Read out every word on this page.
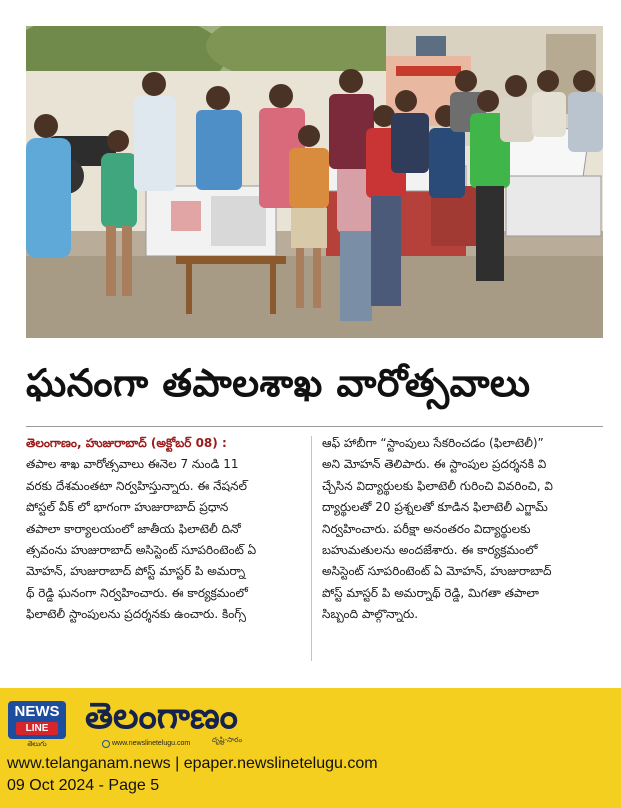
ఘనంగా తపాలశాఖ వారోత్సవాలు
తెలంగాణం, హుజురాబాద్ (అక్టోబర్ 08) :
తపాల శాఖ వారోత్సవాలు ఈనెల 7 నుండి 11
వరకు దేశమంతటా నిర్వహిస్తున్నారు. ఈ నేషనల్
పోస్టల్ వీక్ లో భాగంగా హుజురాబాద్ ప్రధాన
తపాలా కార్యాలయంలో జాతీయ ఫిలాటెలీ దినో
త్సవంను హుజురాబాద్ అసిస్టెంట్ సూపరింటెంట్ ఏ
మోహన్, హుజురాబాద్ పోస్ట్ మాస్టర్ పి అమర్నా
థ్ రెడ్డి ఘనంగా నిర్వహించారు. ఈ కార్యక్రమంలో
ఫిలాటెలీ స్టాంపులను ప్రదర్శనకు ఉంచారు. కింగ్స్
ఆఫ్ హాబీగా “స్టాంపులు సేకరించడం (ఫిలాటెలీ)”
అని మోహన్ తెలిపారు. ఈ స్టాంపుల ప్రదర్శనకి వి
చ్చేసిన విద్యార్థులకు ఫిలాటెలీ గురించి వివరించి, వి
ద్యార్థులతో 20 ప్రశ్నలతో కూడిన ఫిలాటెలీ ఎగ్జామ్
నిర్వహించారు. పరీక్షా అనంతరం విద్యార్థులకు
బహుమతులను అందజేశారు. ఈ కార్యక్రమంలో
అసిస్టెంట్ సూపరింటెంట్ ఏ మోహన్, హుజురాబాద్
పోస్ట్ మాస్టర్ పి అమర్నాథ్ రెడ్డి, మిగతా తపాలా
సిబ్బంది పాల్గొన్నారు.
NEWS
LINE
తెలుగు
తెలంగాణం
www.newslinetelugu.com	దృష్టి-సారం
www.telanganam.news | epaper.newslinetelugu.com
09 Oct 2024 - Page 5
